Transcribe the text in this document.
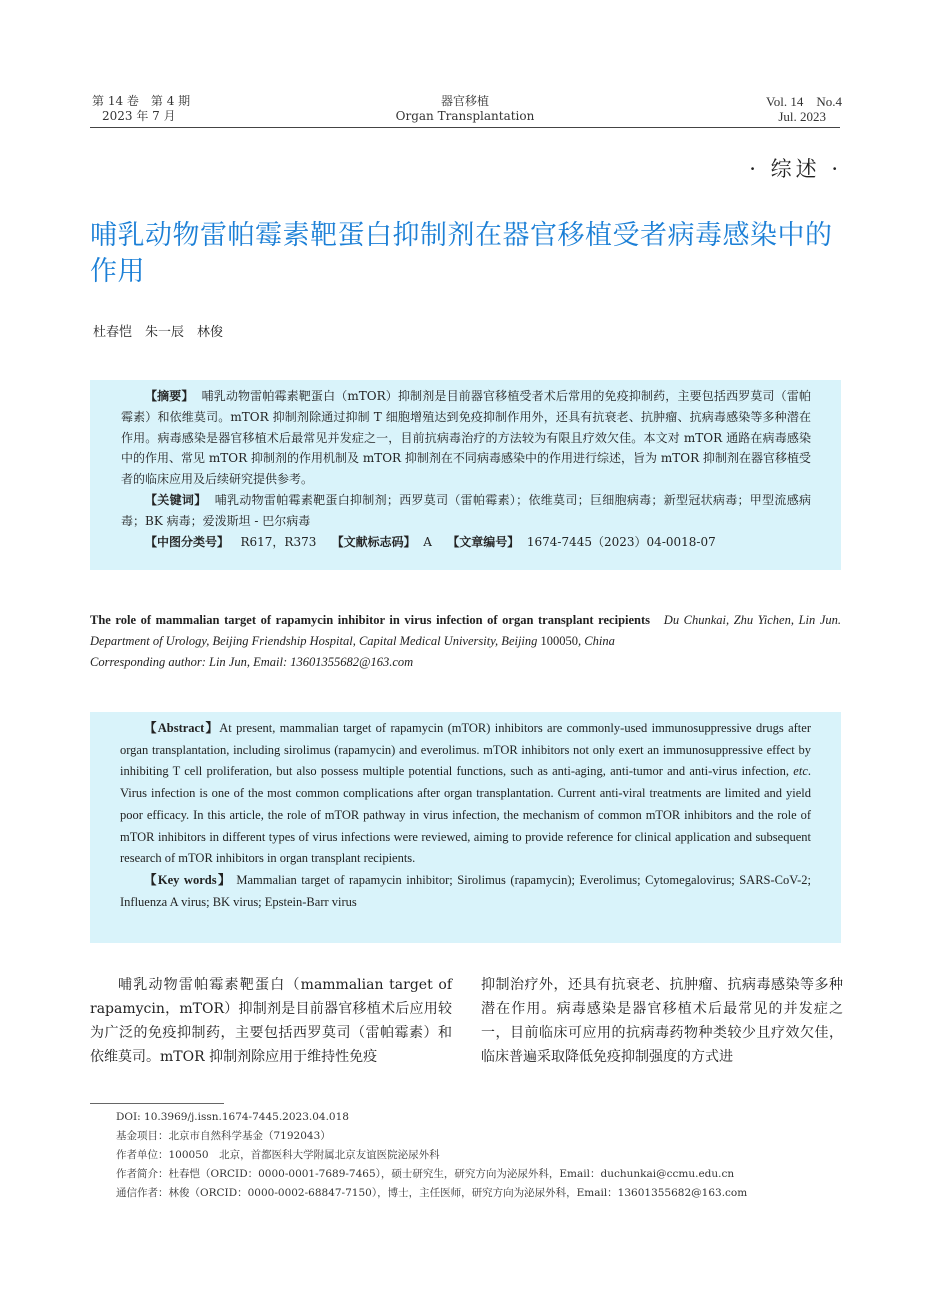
第 14 卷　第 4 期
2023 年 7 月
器官移植
Organ Transplantation
Vol. 14　No.4
Jul. 2023
· 综述 ·
哺乳动物雷帕霉素靶蛋白抑制剂在器官移植受者病毒感染中的作用
杜春恺　朱一辰　林俊

【摘要】 哺乳动物雷帕霉素靶蛋白（mTOR）抑制剂是目前器官移植受者术后常用的免疫抑制药，主要包括西罗莫司（雷帕霉素）和依维莫司。mTOR 抑制剂除通过抑制 T 细胞增殖达到免疫抑制作用外，还具有抗衰老、抗肿瘤、抗病毒感染等多种潜在作用。病毒感染是器官移植术后最常见并发症之一，目前抗病毒治疗的方法较为有限且疗效欠佳。本文对 mTOR 通路在病毒感染中的作用、常见 mTOR 抑制剂的作用机制及 mTOR 抑制剂在不同病毒感染中的作用进行综述，旨为 mTOR 抑制剂在器官移植受者的临床应用及后续研究提供参考。

【关键词】 哺乳动物雷帕霉素靶蛋白抑制剂；西罗莫司（雷帕霉素）；依维莫司；巨细胞病毒；新型冠状病毒；甲型流感病毒；BK 病毒；爱泼斯坦 - 巴尔病毒

【中图分类号】 R617，R373 【文献标志码】 A 【文章编号】 1674-7445（2023）04-0018-07

The role of mammalian target of rapamycin inhibitor in virus infection of organ transplant recipients Du Chunkai, Zhu Yichen, Lin Jun. Department of Urology, Beijing Friendship Hospital, Capital Medical University, Beijing 100050, China
Corresponding author: Lin Jun, Email: 13601355682@163.com

【Abstract】At present, mammalian target of rapamycin (mTOR) inhibitors are commonly-used immunosuppressive drugs after organ transplantation, including sirolimus (rapamycin) and everolimus. mTOR inhibitors not only exert an immunosuppressive effect by inhibiting T cell proliferation, but also possess multiple potential functions, such as anti-aging, anti-tumor and anti-virus infection, etc. Virus infection is one of the most common complications after organ transplantation. Current anti-viral treatments are limited and yield poor efficacy. In this article, the role of mTOR pathway in virus infection, the mechanism of common mTOR inhibitors and the role of mTOR inhibitors in different types of virus infections were reviewed, aiming to provide reference for clinical application and subsequent research of mTOR inhibitors in organ transplant recipients.

【Key words】 Mammalian target of rapamycin inhibitor; Sirolimus (rapamycin); Everolimus; Cytomegalovirus; SARS-CoV-2; Influenza A virus; BK virus; Epstein-Barr virus

哺乳动物雷帕霉素靶蛋白（mammalian target of rapamycin，mTOR）抑制剂是目前器官移植术后应用较为广泛的免疫抑制药，主要包括西罗莫司（雷帕霉素）和依维莫司。mTOR 抑制剂除应用于维持性免疫

抑制治疗外，还具有抗衰老、抗肿瘤、抗病毒感染等多种潜在作用。病毒感染是器官移植术后最常见的并发症之一，目前临床可应用的抗病毒药物种类较少且疗效欠佳，临床普遍采取降低免疫抑制强度的方式进

DOI: 10.3969/j.issn.1674-7445.2023.04.018
基金项目：北京市自然科学基金（7192043）
作者单位：100050　北京，首都医科大学附属北京友谊医院泌尿外科
作者简介：杜春恺（ORCID：0000-0001-7689-7465），硕士研究生，研究方向为泌尿外科，Email：duchunkai@ccmu.edu.cn
通信作者：林俊（ORCID：0000-0002-68847-7150），博士，主任医师，研究方向为泌尿外科，Email：13601355682@163.com
